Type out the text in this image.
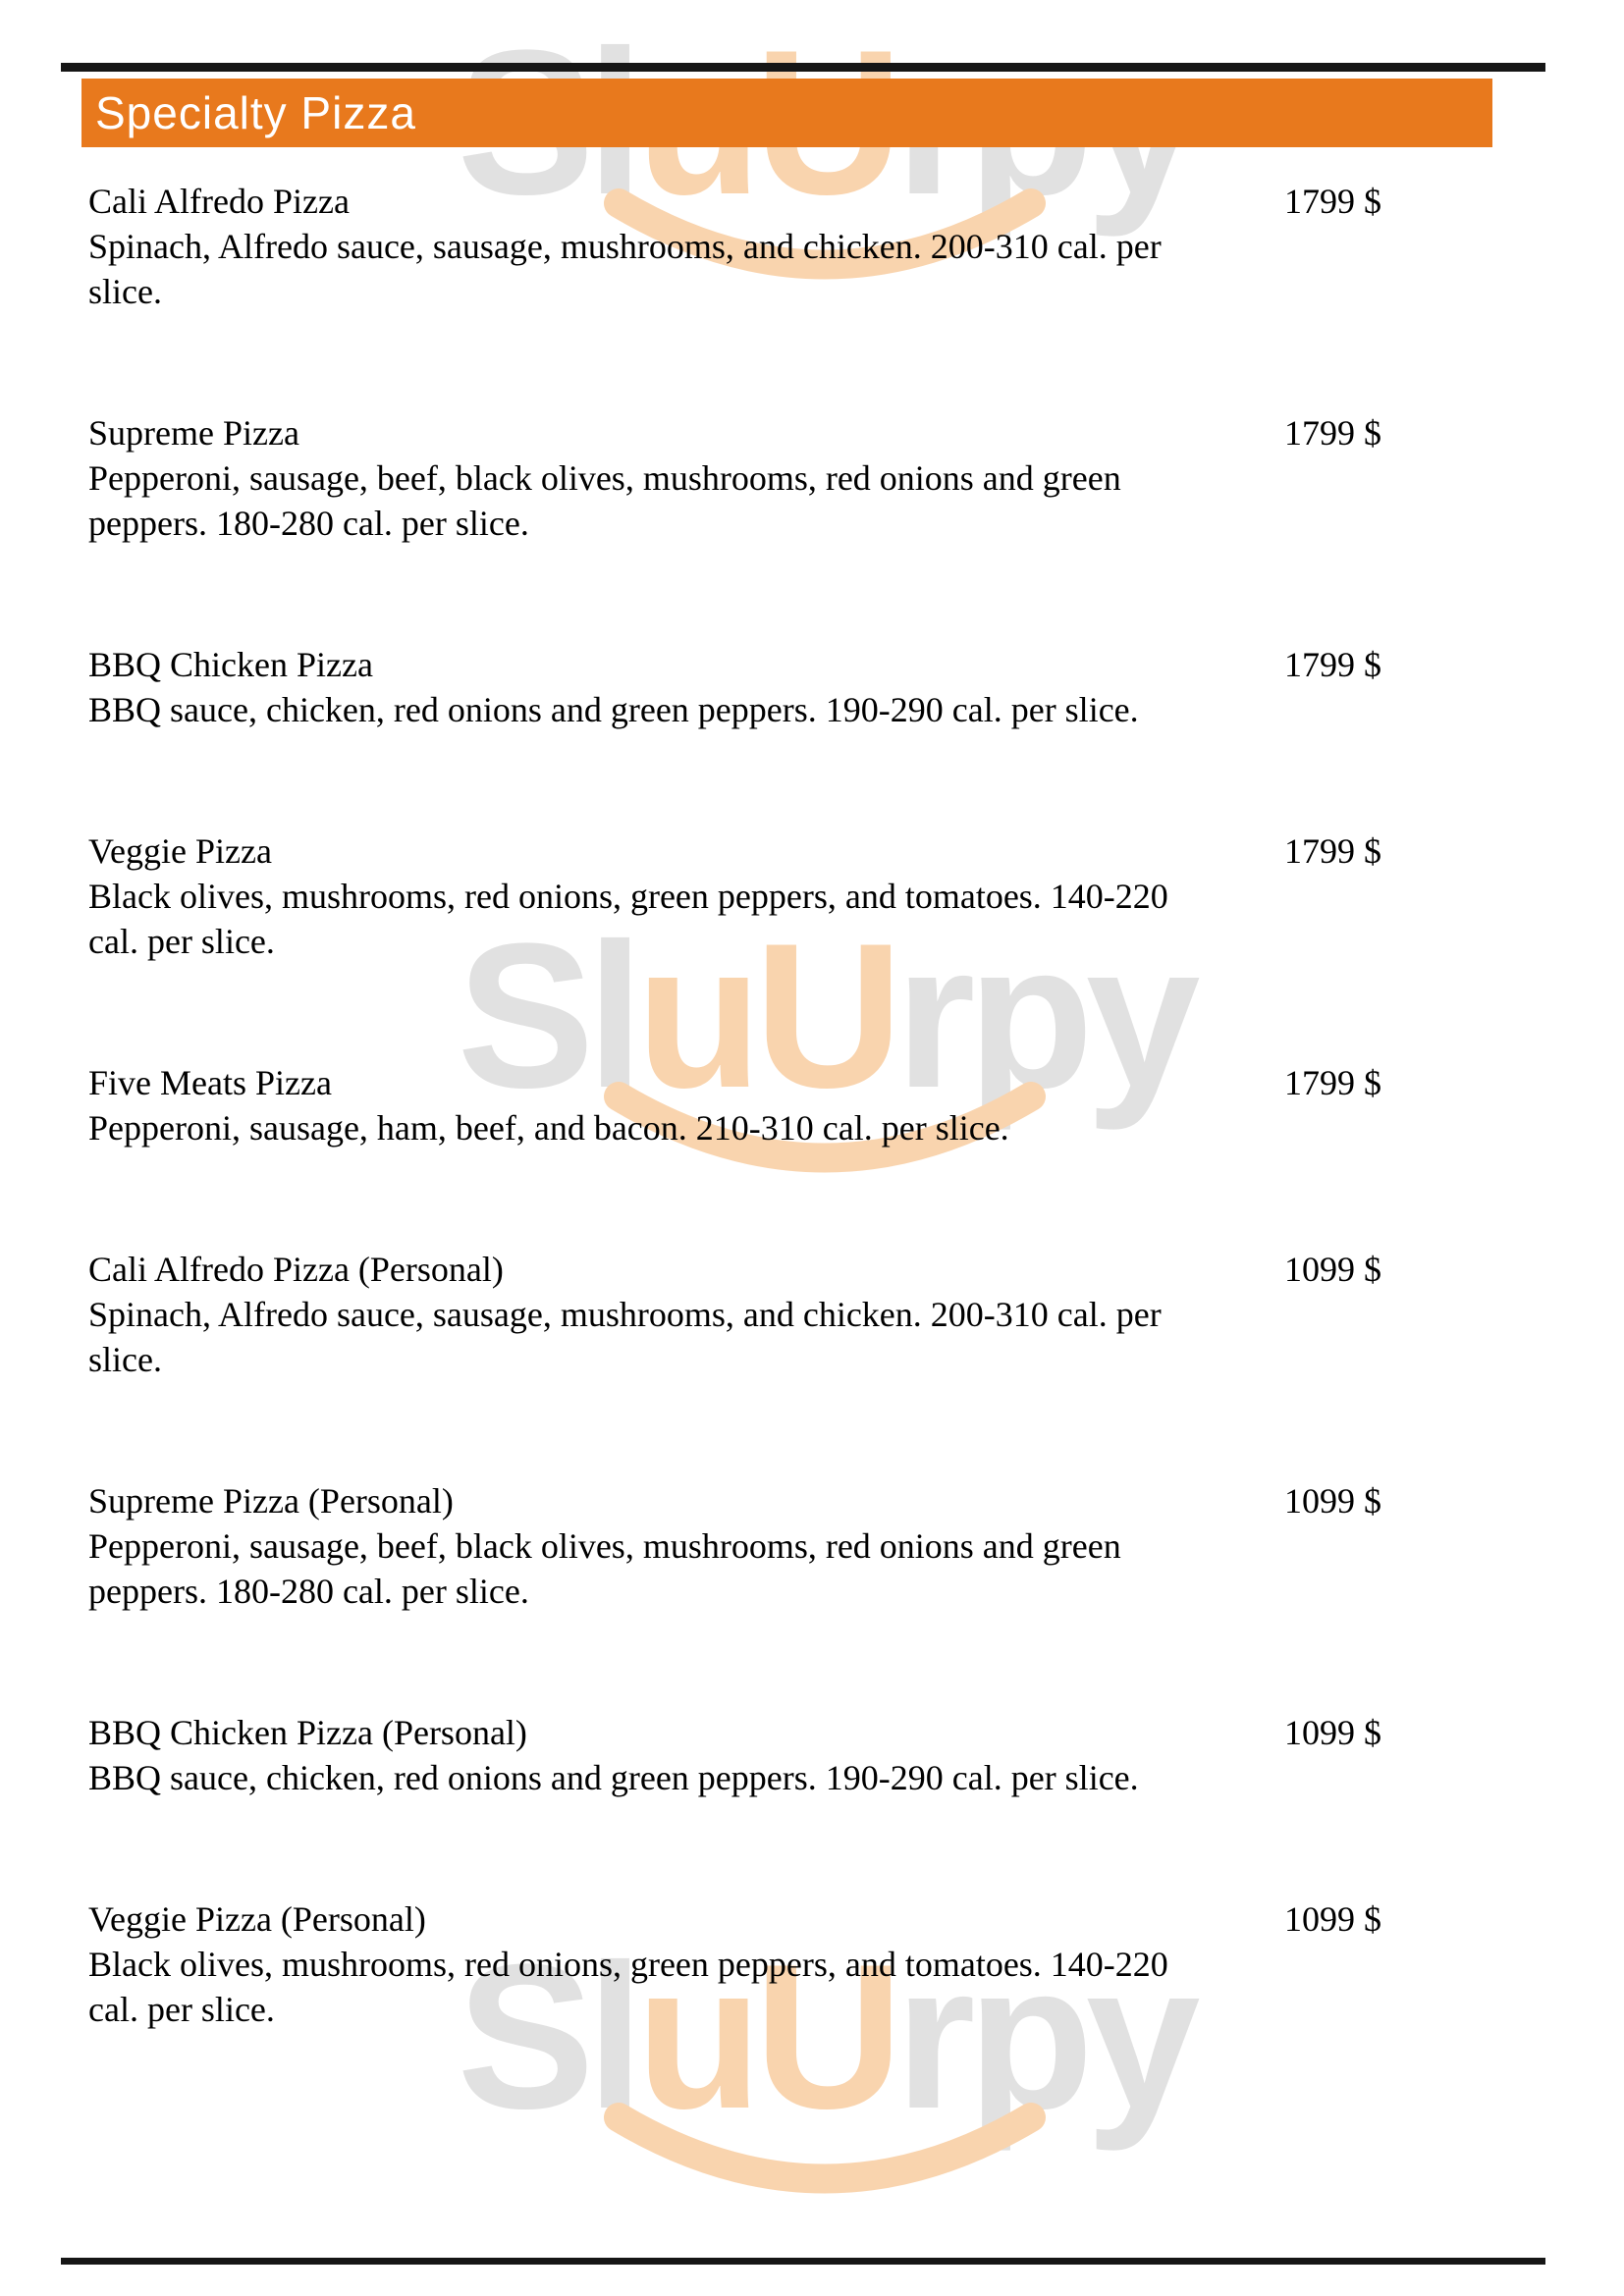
SluUrpy
SluUrpy
Specialty Pizza
1799 $
Cali Alfredo Pizza
Spinach, Alfredo sauce, sausage, mushrooms, and chicken. 200-310 cal. per slice.
1799 $
Supreme Pizza
Pepperoni, sausage, beef, black olives, mushrooms, red onions and green peppers. 180-280 cal. per slice.
1799 $
BBQ Chicken Pizza
BBQ sauce, chicken, red onions and green peppers. 190-290 cal. per slice.
1799 $
Veggie Pizza
Black olives, mushrooms, red onions, green peppers, and tomatoes. 140-220 cal. per slice.
1799 $
Five Meats Pizza
Pepperoni, sausage, ham, beef, and bacon. 210-310 cal. per slice.
1099 $
Cali Alfredo Pizza (Personal)
Spinach, Alfredo sauce, sausage, mushrooms, and chicken. 200-310 cal. per slice.
1099 $
Supreme Pizza (Personal)
Pepperoni, sausage, beef, black olives, mushrooms, red onions and green peppers. 180-280 cal. per slice.
1099 $
BBQ Chicken Pizza (Personal)
BBQ sauce, chicken, red onions and green peppers. 190-290 cal. per slice.
1099 $
Veggie Pizza (Personal)
Black olives, mushrooms, red onions, green peppers, and tomatoes. 140-220 cal. per slice.
